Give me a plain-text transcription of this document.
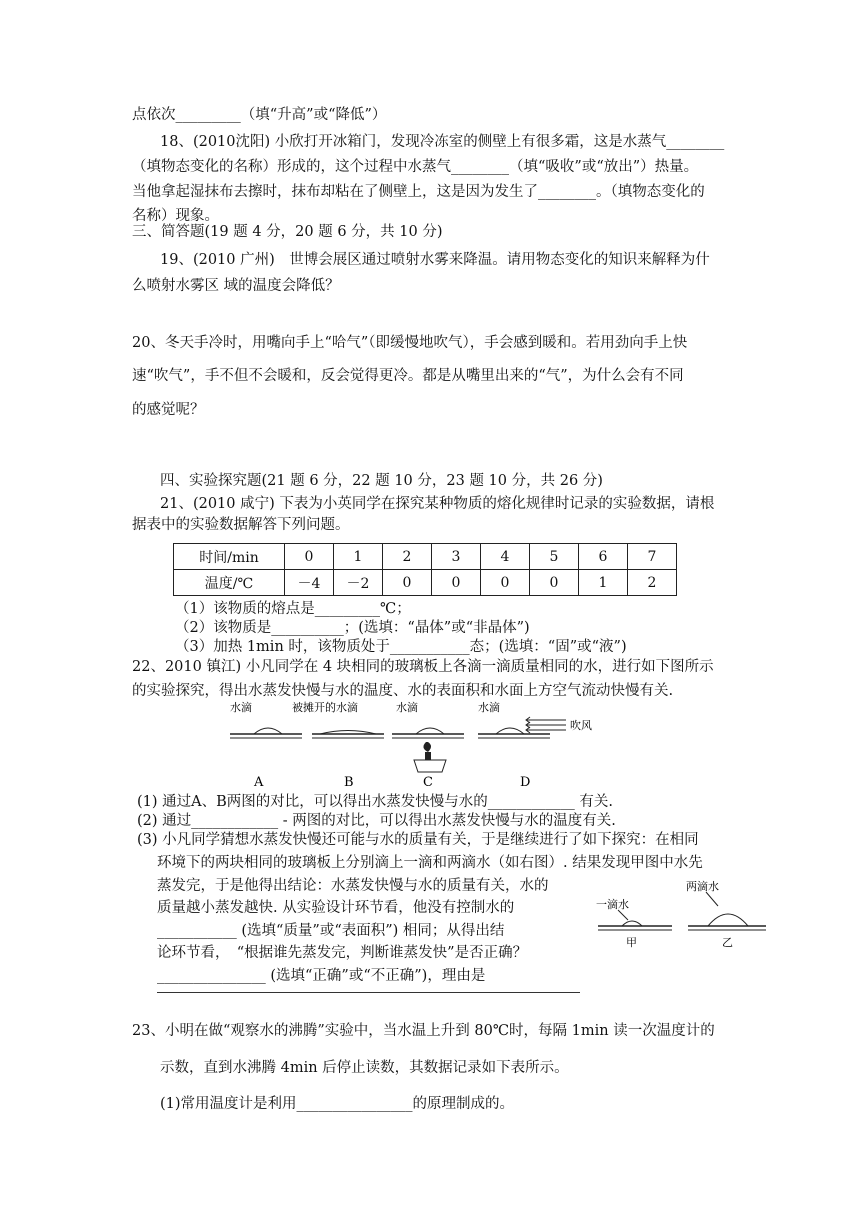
点依次_________（填“升高”或“降低”）
18、(2010沈阳) 小欣打开冰箱门，发现冷冻室的侧壁上有很多霜，这是水蒸气________
（填物态变化的名称）形成的，这个过程中水蒸气________（填“吸收”或“放出”）热量。
当他拿起湿抹布去擦时，抹布却粘在了侧壁上，这是因为发生了________。（填物态变化的
名称）现象。
三、简答题(19 题 4 分，20 题 6 分，共 10 分)
19、(2010 广州)　世博会展区通过喷射水雾来降温。请用物态变化的知识来解释为什
么喷射水雾区 域的温度会降低？
20、冬天手冷时，用嘴向手上“哈气”（即缓慢地吹气），手会感到暖和。若用劲向手上快
速“吹气”，手不但不会暖和，反会觉得更冷。都是从嘴里出来的“气”，为什么会有不同
的感觉呢？
四、实验探究题(21 题 6 分，22 题 10 分，23 题 10 分，共 26 分)
21、(2010 咸宁) 下表为小英同学在探究某种物质的熔化规律时记录的实验数据，请根
据表中的实验数据解答下列问题。
时间/min	0	1	2	3	4	5	6	7
温度/℃	－4	－2	0	0	0	0	1	2
（1）该物质的熔点是_________℃；
（2）该物质是__________；(选填：“晶体”或“非晶体”)
（3）加热 1min 时，该物质处于___________态；(选填：“固”或“液”)
22、2010 镇江) 小凡同学在 4 块相同的玻璃板上各滴一滴质量相同的水，进行如下图所示
的实验探究，得出水蒸发快慢与水的温度、水的表面积和水面上方空气流动快慢有关.
水滴
A
被摊开的水滴
B
水滴
C
水滴
吹风
D
(1) 通过A、B两图的对比，可以得出水蒸发快慢与水的____________ 有关.
(2) 通过____________ ‐ 两图的对比，可以得出水蒸发快慢与水的温度有关.
(3) 小凡同学猜想水蒸发快慢还可能与水的质量有关，于是继续进行了如下探究：在相同
环境下的两块相同的玻璃板上分别滴上一滴和两滴水（如右图）. 结果发现甲图中水先
蒸发完，于是他得出结论：水蒸发快慢与水的质量有关，水的
质量越小蒸发越快. 从实验设计环节看，他没有控制水的
___________ (选填“质量”或“表面积”) 相同；从得出结
论环节看，　“根据谁先蒸发完，判断谁蒸发快”是否正确？
_______________ (选填“正确”或“不正确”)，理由是
一滴水
甲
两滴水
乙
23、小明在做“观察水的沸腾”实验中，当水温上升到 80℃时，每隔 1min 读一次温度计的
示数，直到水沸腾 4min 后停止读数，其数据记录如下表所示。
(1)常用温度计是利用________________的原理制成的。
